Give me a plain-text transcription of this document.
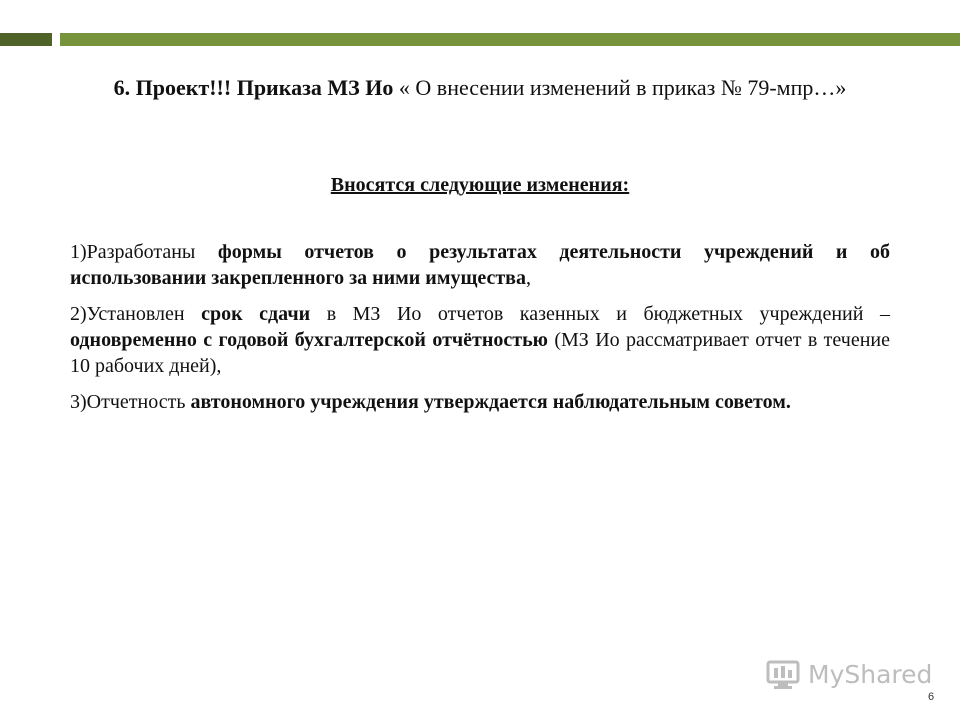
6. Проект!!! Приказа МЗ Ио « О внесении изменений в приказ № 79-мпр…»
Вносятся следующие изменения:

1)Разработаны формы отчетов о результатах деятельности учреждений и об использовании закрепленного за ними имущества,

2)Установлен срок сдачи в МЗ Ио отчетов казенных и бюджетных учреждений – одновременно с годовой бухгалтерской отчётностью (МЗ Ио рассматривает отчет в течение 10 рабочих дней),

3)Отчетность автономного учреждения утверждается наблюдательным советом.

MyShared
6
